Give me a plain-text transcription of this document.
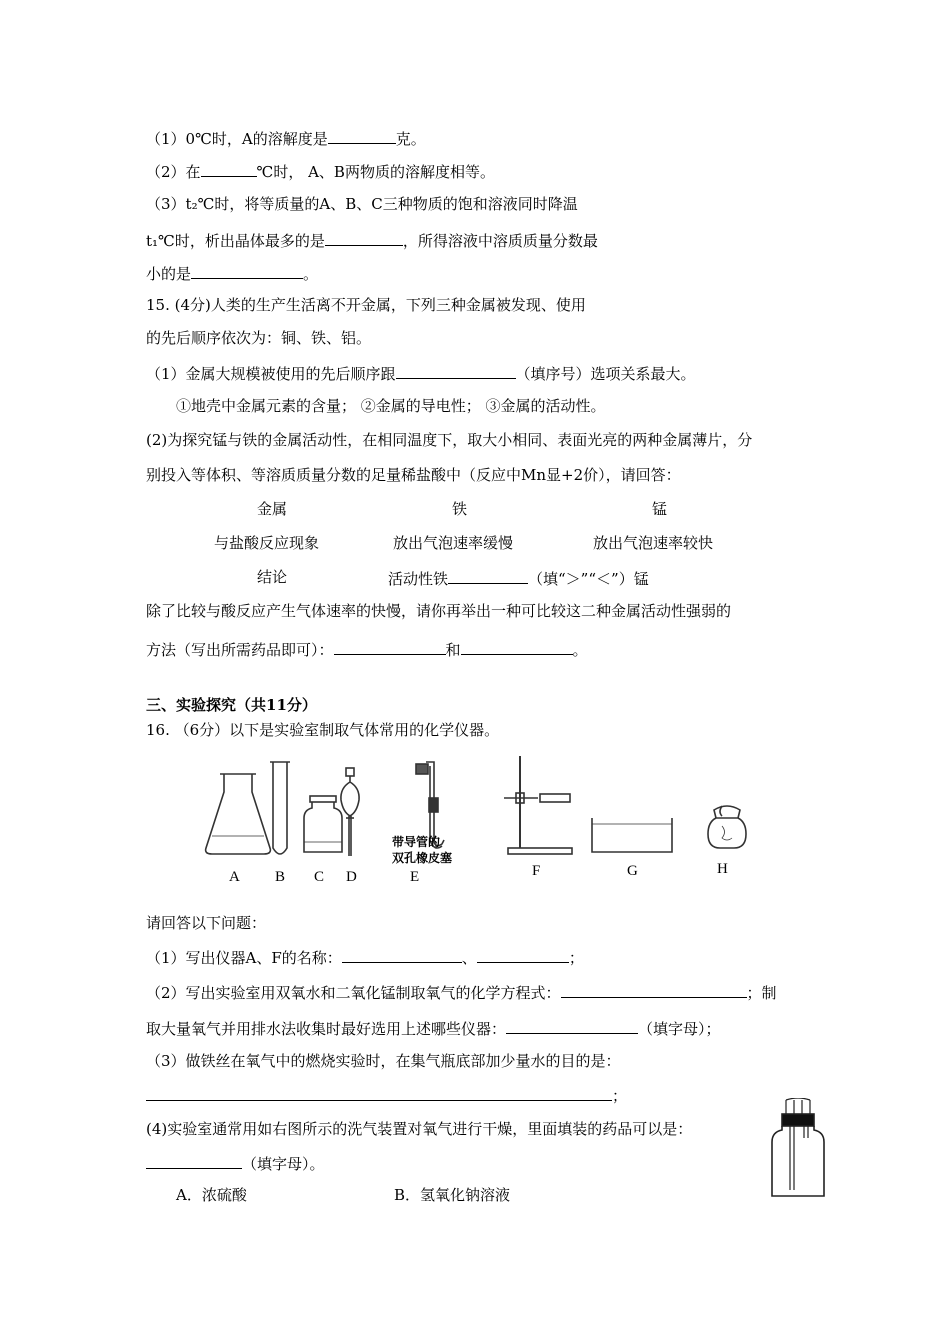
（1）0℃时，A的溶解度是	克。
（2）在	℃时， A、B两物质的溶解度相等。
（3）t₂℃时，将等质量的A、B、C三种物质的饱和溶液同时降温
t₁℃时，析出晶体最多的是	，所得溶液中溶质质量分数最
小的是	。
15. (4分)人类的生产生活离不开金属，下列三种金属被发现、使用
的先后顺序依次为：铜、铁、铝。
（1）金属大规模被使用的先后顺序跟	（填序号）选项关系最大。
①地壳中金属元素的含量； ②金属的导电性； ③金属的活动性。
(2)为探究锰与铁的金属活动性，在相同温度下，取大小相同、表面光亮的两种金属薄片，分
别投入等体积、等溶质质量分数的足量稀盐酸中（反应中Mn显+2价），请回答：
金属	铁	锰
与盐酸反应现象	放出气泡速率缓慢	放出气泡速率较快
结论	活动性铁	（填“＞”“＜”）锰
除了比较与酸反应产生气体速率的快慢，请你再举出一种可比较这二种金属活动性强弱的
方法（写出所需药品即可）：	和	。
三、实验探究（共11分）
16. （6分）以下是实验室制取气体常用的化学仪器。
带导管的
双孔橡皮塞
A B C D	E	F	G	H
请回答以下问题：
（1）写出仪器A、F的名称：	、	；
（2）写出实验室用双氧水和二氧化锰制取氧气的化学方程式：	；制
取大量氧气并用排水法收集时最好选用上述哪些仪器：	（填字母）；
（3）做铁丝在氧气中的燃烧实验时，在集气瓶底部加少量水的目的是：
；
(4)实验室通常用如右图所示的洗气装置对氧气进行干燥，里面填装的药品可以是：
（填字母）。
A．浓硫酸	B．氢氧化钠溶液
